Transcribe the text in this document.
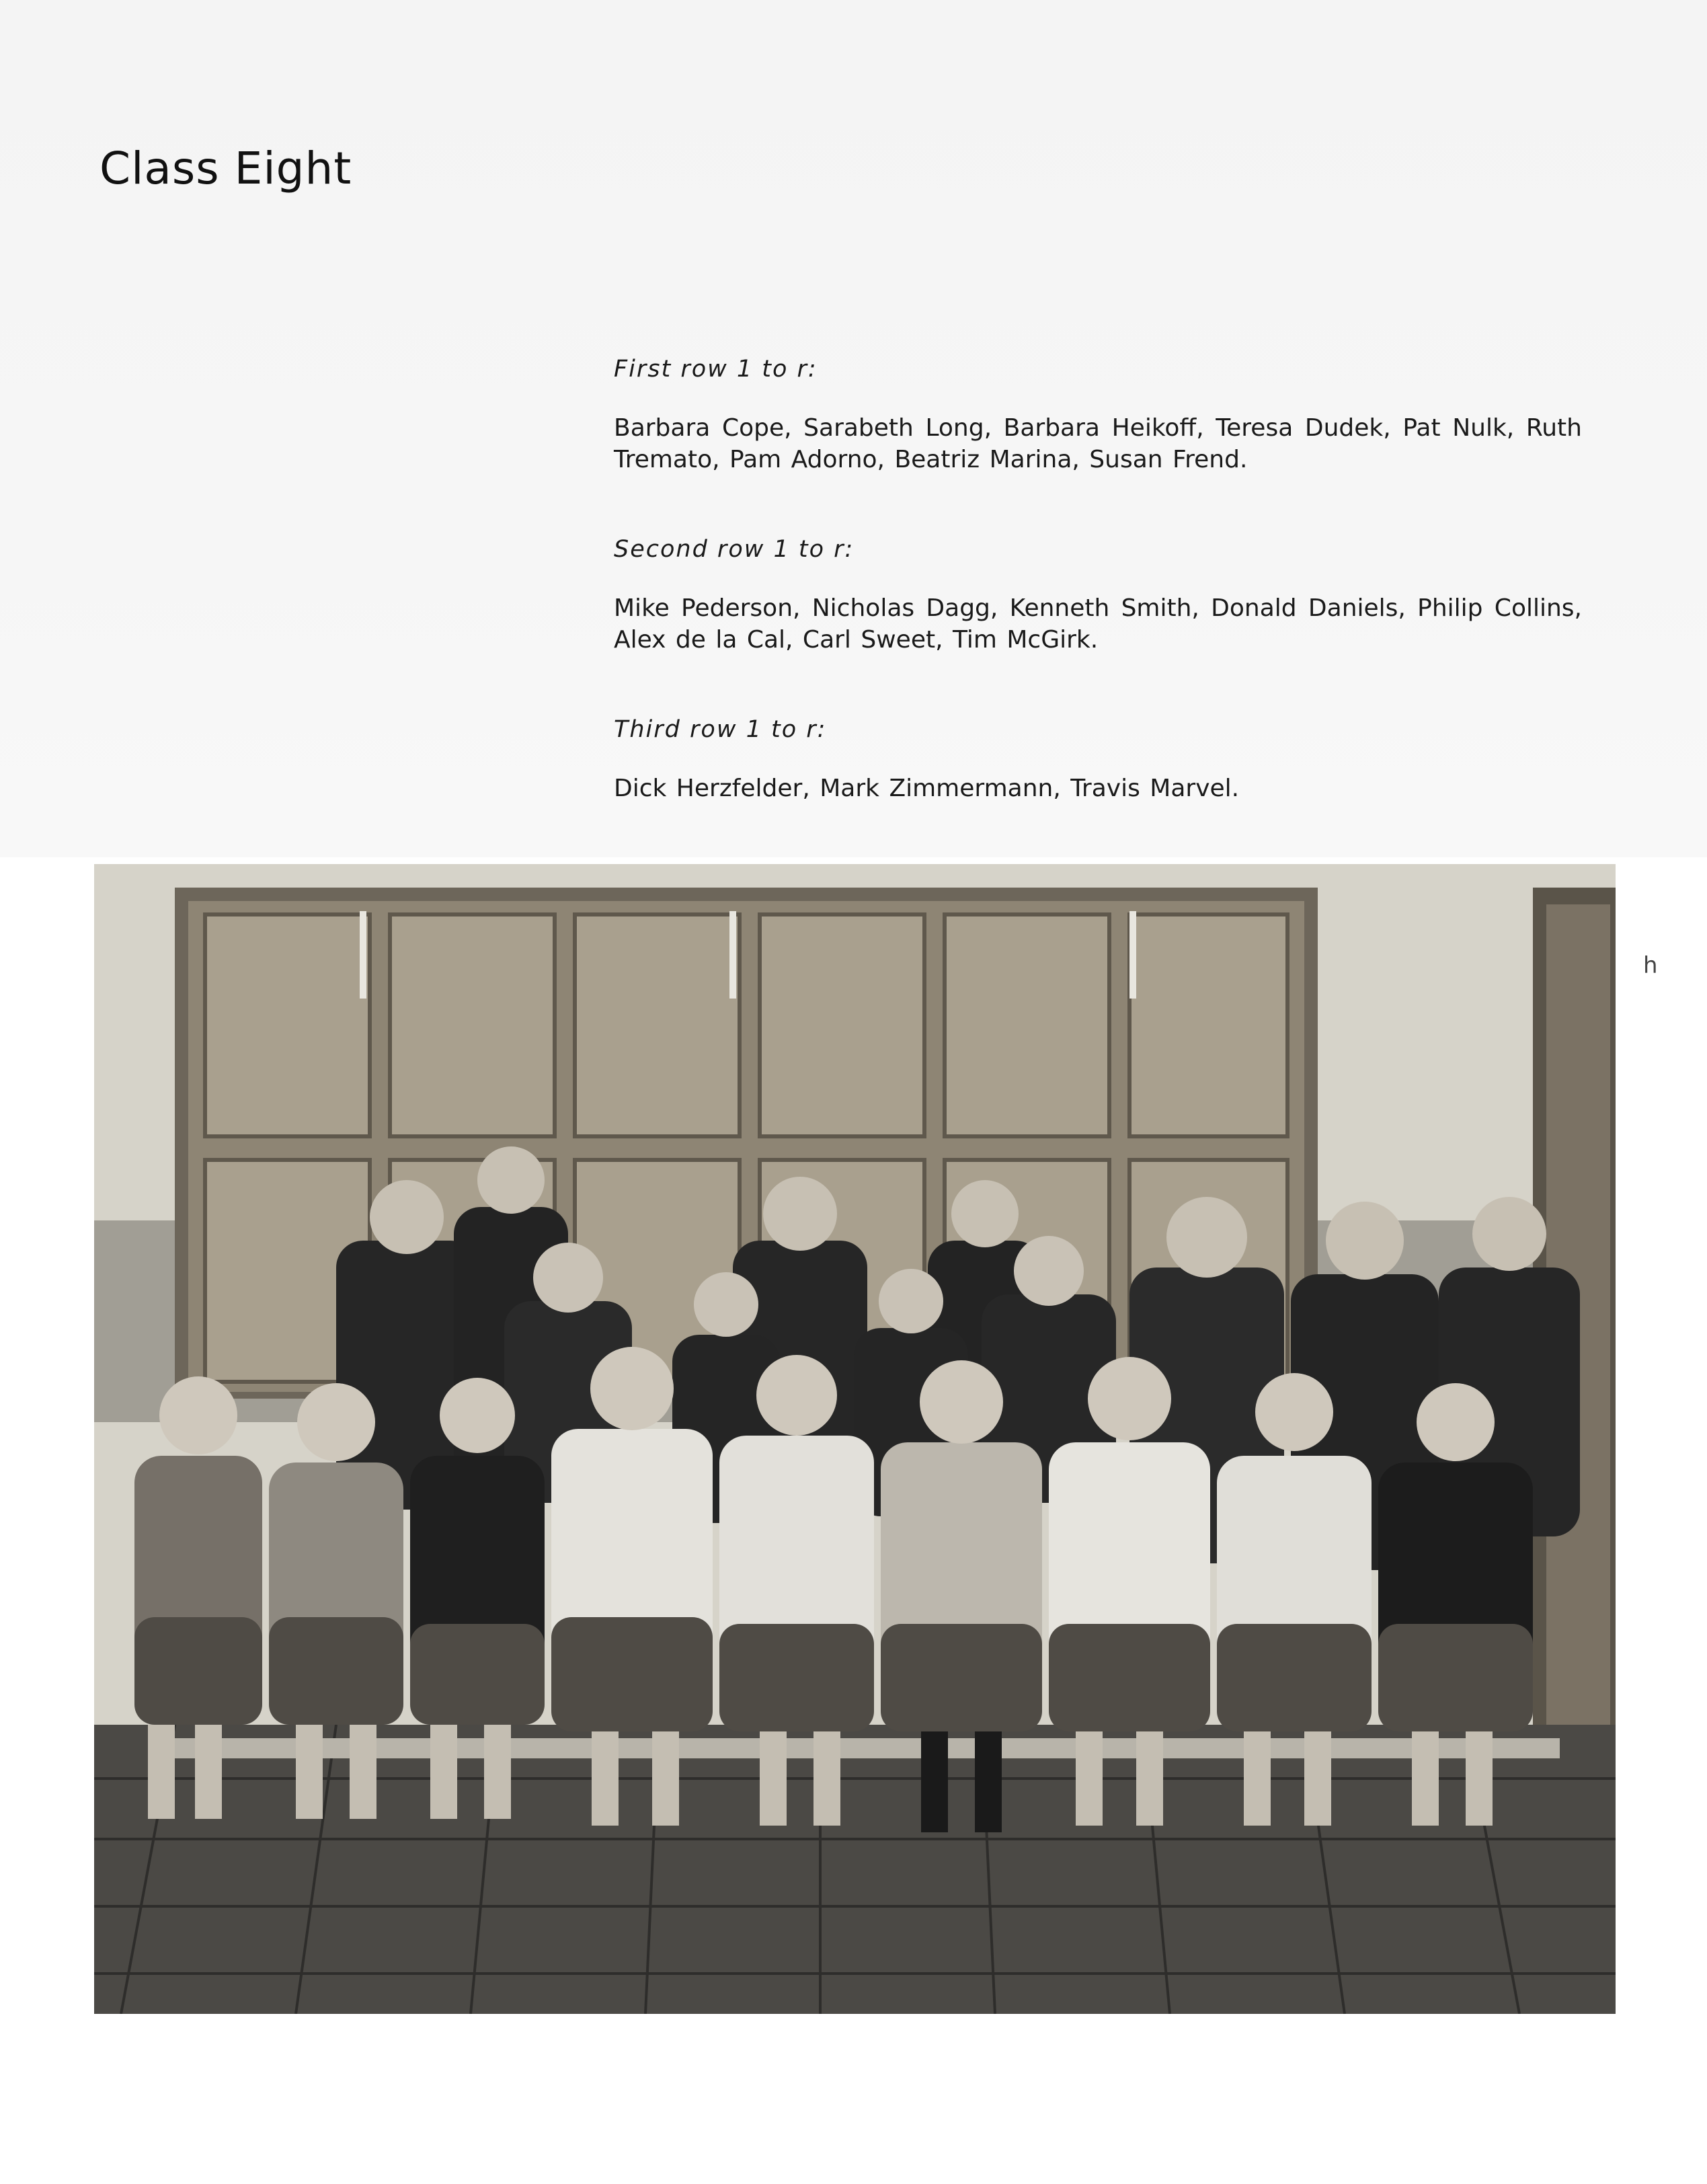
Class Eight

First row 1 to r:

Barbara Cope, Sarabeth Long, Barbara Heikoff, Teresa Dudek, Pat Nulk, Ruth Tremato, Pam Adorno, Beatriz Marina, Susan Frend.

Second row 1 to r:

Mike Pederson, Nicholas Dagg, Kenneth Smith, Donald Daniels, Philip Collins, Alex de la Cal, Carl Sweet, Tim McGirk.

Third row 1 to r:

Dick Herzfelder, Mark Zimmermann, Travis Marvel.

h
